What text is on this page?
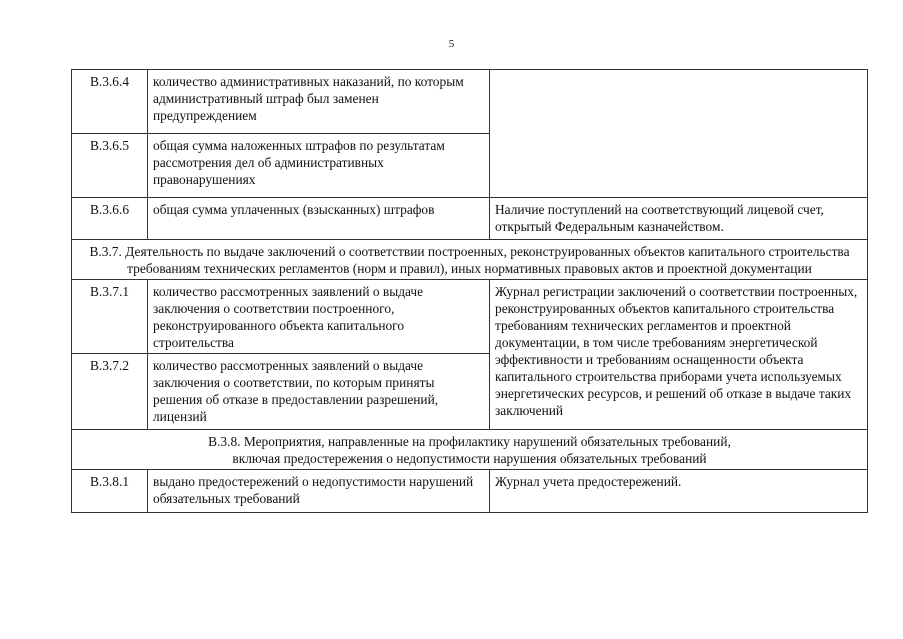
5
В.3.6.4	количество административных наказаний, по которым административный штраф был заменен предупреждением	
В.3.6.5	общая сумма наложенных штрафов по результатам рассмотрения дел об административных правонарушениях	
В.3.6.6	общая сумма уплаченных (взысканных) штрафов	Наличие поступлений на соответствующий лицевой счет, открытый Федеральным казначейством.
В.3.7. Деятельность по выдаче заключений о соответствии построенных, реконструированных объектов капитального строительства требованиям технических регламентов (норм и правил), иных нормативных правовых актов и проектной документации		
В.3.7.1	количество рассмотренных заявлений о выдаче заключения о соответствии построенного, реконструированного объекта капитального строительства	Журнал регистрации заключений о соответствии построенных, реконструированных объектов капитального строительства требованиям технических регламентов и проектной документации, в том числе требованиям энергетической эффективности и требованиям оснащенности объекта капитального строительства приборами учета используемых энергетических ресурсов, и решений об отказе в выдаче таких заключений
В.3.7.2	количество рассмотренных заявлений о выдаче заключения о соответствии, по которым приняты решения об отказе в предоставлении разрешений, лицензий	

В.3.8. Мероприятия, направленные на профилактику нарушений обязательных требований,
включая предостережения о недопустимости нарушения обязательных требований		

В.3.8.1	выдано предостережений о недопустимости нарушений обязательных требований	Журнал учета предостережений.
